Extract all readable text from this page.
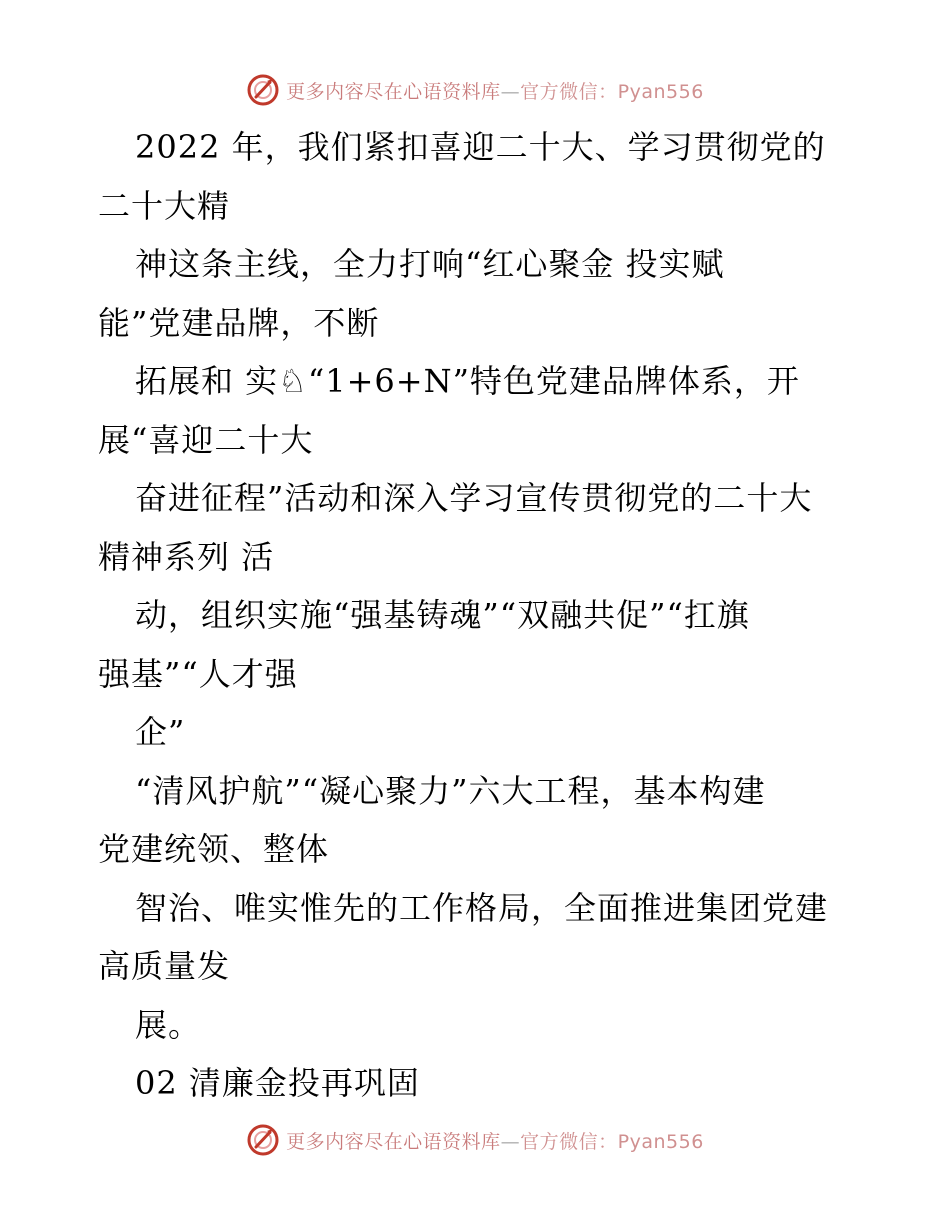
更多内容尽在心语资料库—官方微信：Pyan556
2022 年，我们紧扣喜迎二十大、学习贯彻党的
二十大精
神这条主线，全力打响“红心聚金 投实赋
能”党建品牌，不断
拓展和 实♘“1+6+N”特色党建品牌体系，开
展“喜迎二十大
奋进征程”活动和深入学习宣传贯彻党的二十大
精神系列 活
动，组织实施“强基铸魂”“双融共促”“扛旗
强基”“人才强
企”
“清风护航”“凝心聚力”六大工程，基本构建
党建统领、整体
智治、唯实惟先的工作格局，全面推进集团党建
高质量发
展。
02 清廉金投再巩固
更多内容尽在心语资料库—官方微信：Pyan556
